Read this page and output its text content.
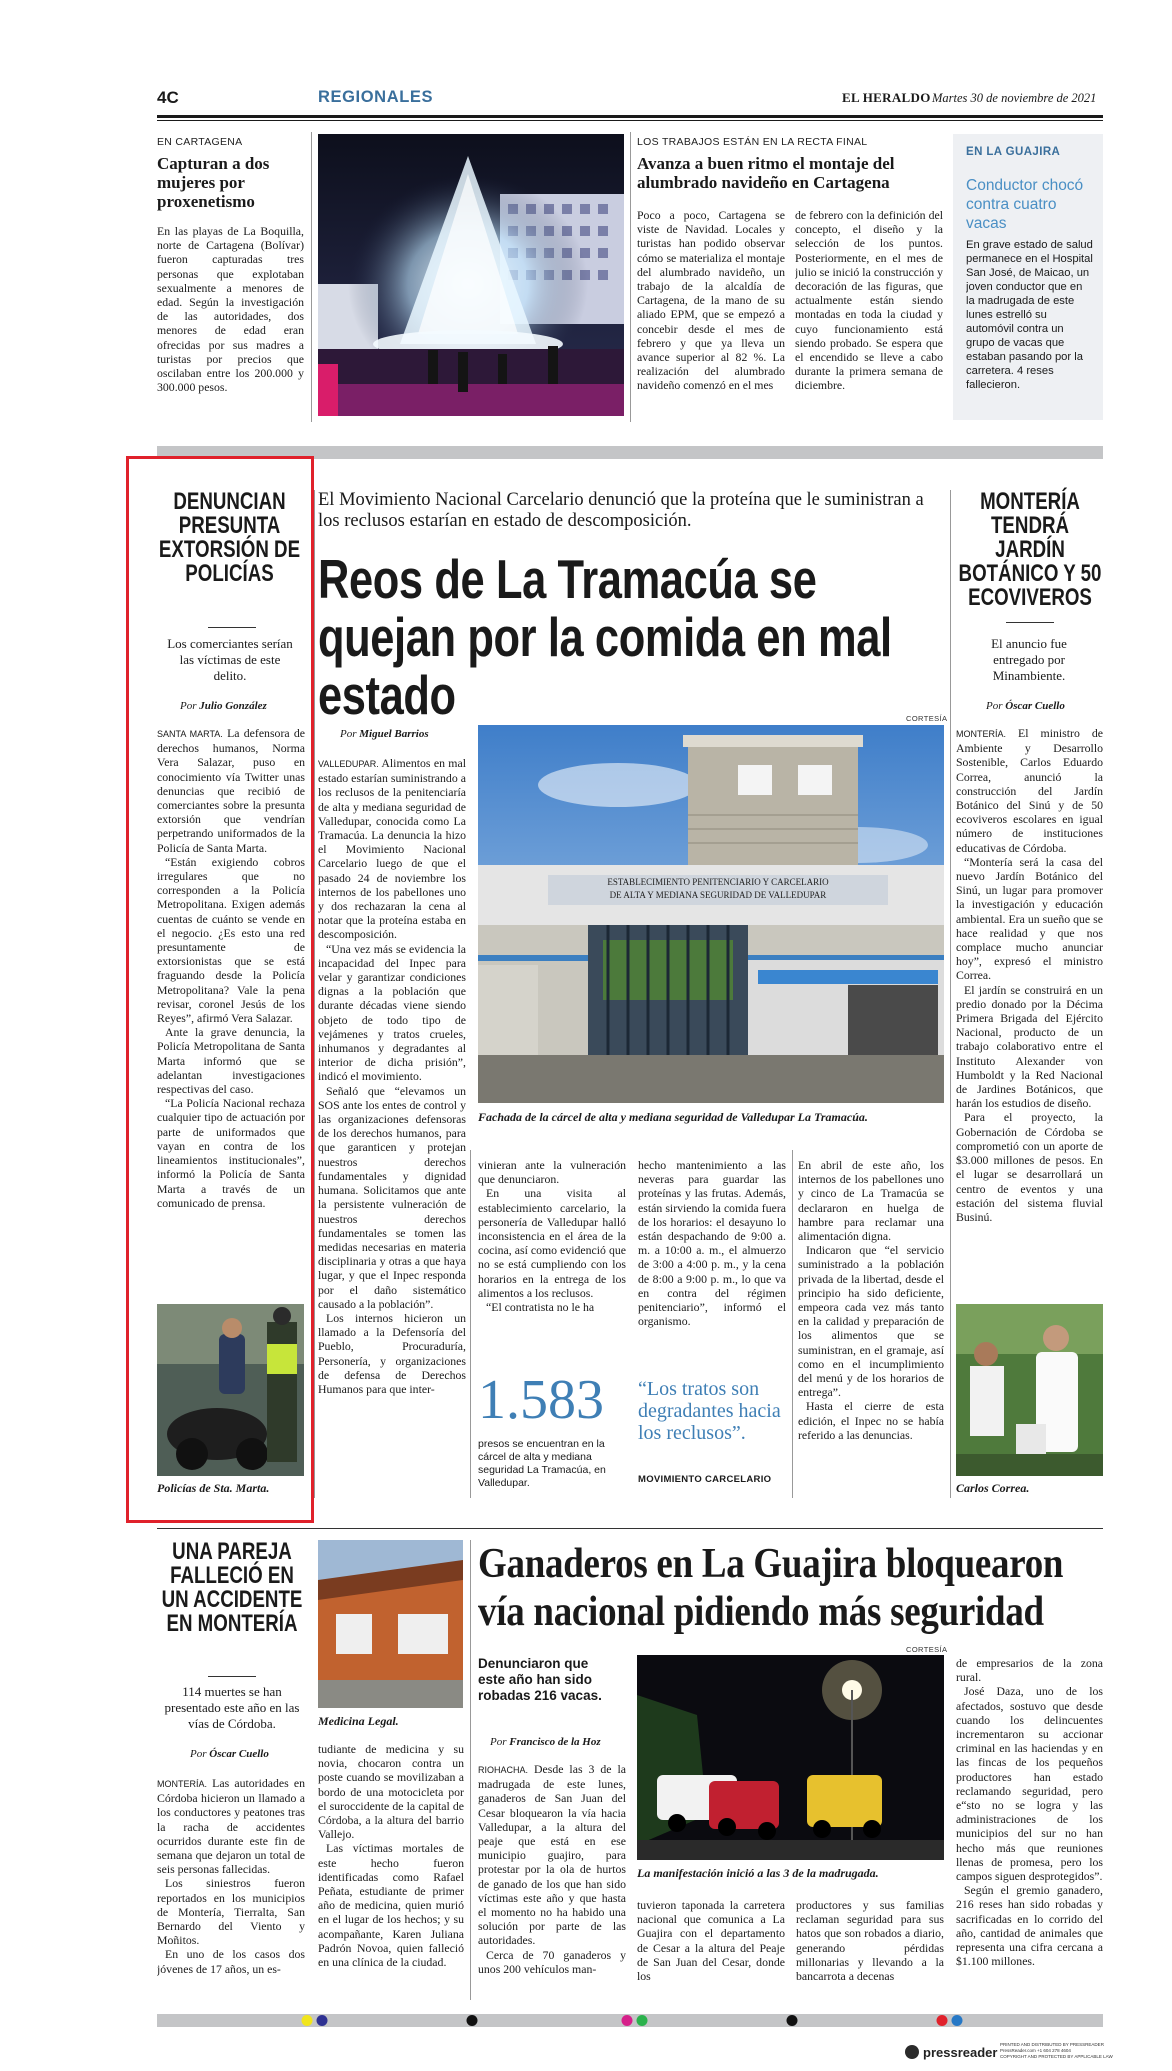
4C	REGIONALES	EL HERALDO Martes 30 de noviembre de 2021
EN CARTAGENA
Capturan a dos mujeres por proxenetismo

En las playas de La Boquilla, norte de Cartagena (Bolívar) fueron capturadas tres personas que explotaban sexualmente a menores de edad. Según la investigación de las autoridades, dos menores de edad eran ofrecidas por sus madres a turistas por precios que oscilaban entre los 200.000 y 300.000 pesos.

LOS TRABAJOS ESTÁN EN LA RECTA FINAL
Avanza a buen ritmo el montaje del alumbrado navideño en Cartagena

Poco a poco, Cartagena se viste de Navidad. Locales y turistas han podido observar cómo se materializa el montaje del alumbrado navideño, un trabajo de la alcaldía de Cartagena, de la mano de su aliado EPM, que se empezó a concebir desde el mes de febrero y que ya lleva un avance superior al 82 %. La realización del alumbrado navideño comenzó en el mes

de febrero con la definición del concepto, el diseño y la selección de los puntos. Posteriormente, en el mes de julio se inició la construcción y decoración de las figuras, que actualmente están siendo montadas en toda la ciudad y cuyo funcionamiento está siendo probado. Se espera que el encendido se lleve a cabo durante la primera semana de diciembre.

EN LA GUAJIRA
Conductor chocó contra cuatro vacas

En grave estado de salud permanece en el Hospital San José, de Maicao, un joven conductor que en la madrugada de este lunes estrelló su automóvil contra un grupo de vacas que estaban pasando por la carretera. 4 reses fallecieron.

DENUNCIAN PRESUNTA EXTORSIÓN DE POLICÍAS
Los comerciantes serían las víctimas de este delito.
Por Julio González

SANTA MARTA. La defensora de derechos humanos, Norma Vera Salazar, puso en conocimiento vía Twitter unas denuncias que recibió de comerciantes sobre la presunta extorsión que vendrían perpetrando uniformados de la Policía de Santa Marta.

“Están exigiendo cobros irregulares que no corresponden a la Policía Metropolitana. Exigen además cuentas de cuánto se vende en el negocio. ¿Es esto una red presuntamente de extorsionistas que se está fraguando desde la Policía Metropolitana? Vale la pena revisar, coronel Jesús de los Reyes”, afirmó Vera Salazar.

Ante la grave denuncia, la Policía Metropolitana de Santa Marta informó que se adelantan investigaciones respectivas del caso.

“La Policía Nacional rechaza cualquier tipo de actuación por parte de uniformados que vayan en contra de los lineamientos institucionales”, informó la Policía de Santa Marta a través de un comunicado de prensa.

Policías de Sta. Marta.
El Movimiento Nacional Carcelario denunció que la proteína que le suministran a los reclusos estarían en estado de descomposición.
Reos de La Tramacúa se quejan por la comida en mal estado
Por Miguel Barrios
CORTESÍA
ESTABLECIMIENTO PENITENCIARIO Y CARCELARIO
DE ALTA Y MEDIANA SEGURIDAD DE VALLEDUPAR
Fachada de la cárcel de alta y mediana seguridad de Valledupar La Tramacúa.

VALLEDUPAR. Alimentos en mal estado estarían suministrando a los reclusos de la penitenciaría de alta y mediana seguridad de Valledupar, conocida como La Tramacúa. La denuncia la hizo el Movimiento Nacional Carcelario luego de que el pasado 24 de noviembre los internos de los pabellones uno y dos rechazaran la cena al notar que la proteína estaba en descomposición.

“Una vez más se evidencia la incapacidad del Inpec para velar y garantizar condiciones dignas a la población que durante décadas viene siendo objeto de todo tipo de vejámenes y tratos crueles, inhumanos y degradantes al interior de dicha prisión”, indicó el movimiento.

Señaló que “elevamos un SOS ante los entes de control y las organizaciones defensoras de los derechos humanos, para que garanticen y protejan nuestros derechos fundamentales y dignidad humana. Solicitamos que ante la persistente vulneración de nuestros derechos fundamentales se tomen las medidas necesarias en materia disciplinaria y otras a que haya lugar, y que el Inpec responda por el daño sistemático causado a la población”.

Los internos hicieron un llamado a la Defensoría del Pueblo, Procuraduría, Personería, y organizaciones de defensa de Derechos Humanos para que inter-

vinieran ante la vulneración que denunciaron.

En una visita al establecimiento carcelario, la personería de Valledupar halló inconsistencia en el área de la cocina, así como evidenció que no se está cumpliendo con los horarios en la entrega de los alimentos a los reclusos.

“El contratista no le ha

hecho mantenimiento a las neveras para guardar las proteínas y las frutas. Además, están sirviendo la comida fuera de los horarios: el desayuno lo están despachando de 9:00 a. m. a 10:00 a. m., el almuerzo de 3:00 a 4:00 p. m., y la cena de 8:00 a 9:00 p. m., lo que va en contra del régimen penitenciario”, informó el organismo.

1.583
presos se encuentran en la cárcel de alta y mediana seguridad La Tramacúa, en Valledupar.
“Los tratos son degradantes hacia los reclusos”.
MOVIMIENTO CARCELARIO

En abril de este año, los internos de los pabellones uno y cinco de La Tramacúa se declararon en huelga de hambre para reclamar una alimentación digna.

Indicaron que “el servicio suministrado a la población privada de la libertad, desde el principio ha sido deficiente, empeora cada vez más tanto en la calidad y preparación de los alimentos que se suministran, en el gramaje, así como en el incumplimiento del menú y de los horarios de entrega”.

Hasta el cierre de esta edición, el Inpec no se había referido a las denuncias.

MONTERÍA TENDRÁ JARDÍN BOTÁNICO Y 50 ECOVIVEROS
El anuncio fue entregado por Minambiente.
Por Óscar Cuello

MONTERÍA. El ministro de Ambiente y Desarrollo Sostenible, Carlos Eduardo Correa, anunció la construcción del Jardín Botánico del Sinú y de 50 ecoviveros escolares en igual número de instituciones educativas de Córdoba.

“Montería será la casa del nuevo Jardín Botánico del Sinú, un lugar para promover la investigación y educación ambiental. Era un sueño que se hace realidad y que nos complace mucho anunciar hoy”, expresó el ministro Correa.

El jardín se construirá en un predio donado por la Décima Primera Brigada del Ejército Nacional, producto de un trabajo colaborativo entre el Instituto Alexander von Humboldt y la Red Nacional de Jardines Botánicos, que harán los estudios de diseño.

Para el proyecto, la Gobernación de Córdoba se comprometió con un aporte de $3.000 millones de pesos. En el lugar se desarrollará un centro de eventos y una estación del sistema fluvial Businú.

Carlos Correa.
UNA PAREJA FALLECIÓ EN UN ACCIDENTE EN MONTERÍA
114 muertes se han presentado este año en las vías de Córdoba.
Por Óscar Cuello

MONTERÍA. Las autoridades en Córdoba hicieron un llamado a los conductores y peatones tras la racha de accidentes ocurridos durante este fin de semana que dejaron un total de seis personas fallecidas.

Los siniestros fueron reportados en los municipios de Montería, Tierralta, San Bernardo del Viento y Moñitos.

En uno de los casos dos jóvenes de 17 años, un es-

Medicina Legal.

tudiante de medicina y su novia, chocaron contra un poste cuando se movilizaban a bordo de una motocicleta por el suroccidente de la capital de Córdoba, a la altura del barrio Vallejo.

Las víctimas mortales de este hecho fueron identificadas como Rafael Peñata, estudiante de primer año de medicina, quien murió en el lugar de los hechos; y su acompañante, Karen Juliana Padrón Novoa, quien falleció en una clínica de la ciudad.

Ganaderos en La Guajira bloquearon vía nacional pidiendo más seguridad
Denunciaron que este año han sido robadas 216 vacas.
Por Francisco de la Hoz
CORTESÍA
La manifestación inició a las 3 de la madrugada.

RIOHACHA. Desde las 3 de la madrugada de este lunes, ganaderos de San Juan del Cesar bloquearon la vía hacia Valledupar, a la altura del peaje que está en ese municipio guajiro, para protestar por la ola de hurtos de ganado de los que han sido víctimas este año y que hasta el momento no ha habido una solución por parte de las autoridades.

Cerca de 70 ganaderos y unos 200 vehículos man-

tuvieron taponada la carretera nacional que comunica a La Guajira con el departamento de Cesar a la altura del Peaje de San Juan del Cesar, donde los

productores y sus familias reclaman seguridad para sus hatos que son robados a diario, generando pérdidas millonarias y llevando a la bancarrota a decenas

de empresarios de la zona rural.

José Daza, uno de los afectados, sostuvo que desde cuando los delincuentes incrementaron su accionar criminal en las haciendas y en las fincas de los pequeños productores han estado reclamando seguridad, pero e“sto no se logra y las administraciones de los municipios del sur no han hecho más que reuniones llenas de promesa, pero los campos siguen desprotegidos”.

Según el gremio ganadero, 216 reses han sido robadas y sacrificadas en lo corrido del año, cantidad de animales que representa una cifra cercana a $1.100 millones.

pressreader PRINTED AND DISTRIBUTED BY PRESSREADER
PressReader.com +1 604 278 4604
COPYRIGHT AND PROTECTED BY APPLICABLE LAW
